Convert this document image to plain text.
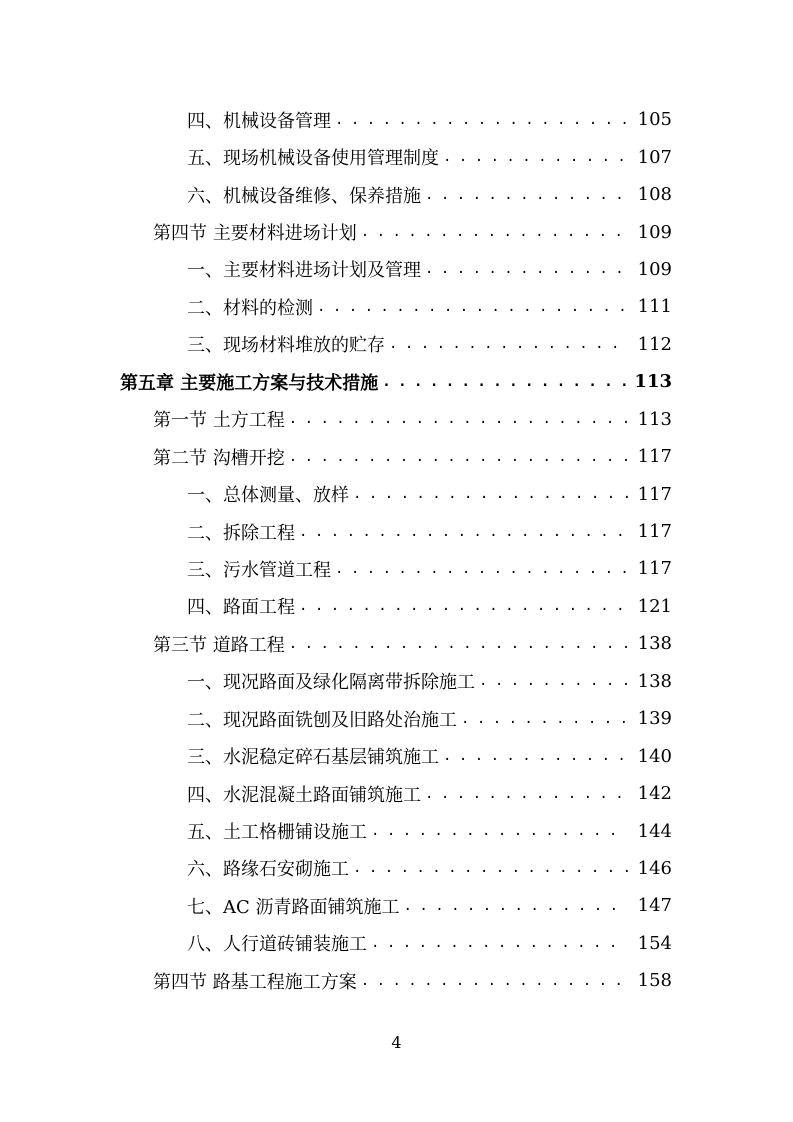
四、机械设备管理 . . .	105
五、现场机械设备使用管理制度 . . .	107
六、机械设备维修、保养措施 . . .	108
第四节 主要材料进场计划 . . .	109
一、主要材料进场计划及管理 . . .	109
二、材料的检测 . . .	111
三、现场材料堆放的贮存 . . .	112
第五章 主要施工方案与技术措施 . . .	113
第一节 土方工程 . . .	113
第二节 沟槽开挖 . . .	117
一、总体测量、放样 . . .	117
二、拆除工程 . . .	117
三、污水管道工程 . . .	117
四、路面工程 . . .	121
第三节 道路工程 . . .	138
一、现况路面及绿化隔离带拆除施工 . . .	138
二、现况路面铣刨及旧路处治施工 . . .	139
三、水泥稳定碎石基层铺筑施工 . . .	140
四、水泥混凝土路面铺筑施工 . . .	142
五、土工格栅铺设施工 . . .	144
六、路缘石安砌施工 . . .	146
七、AC 沥青路面铺筑施工 . . .	147
八、人行道砖铺装施工 . . .	154
第四节 路基工程施工方案 . . .	158
4
